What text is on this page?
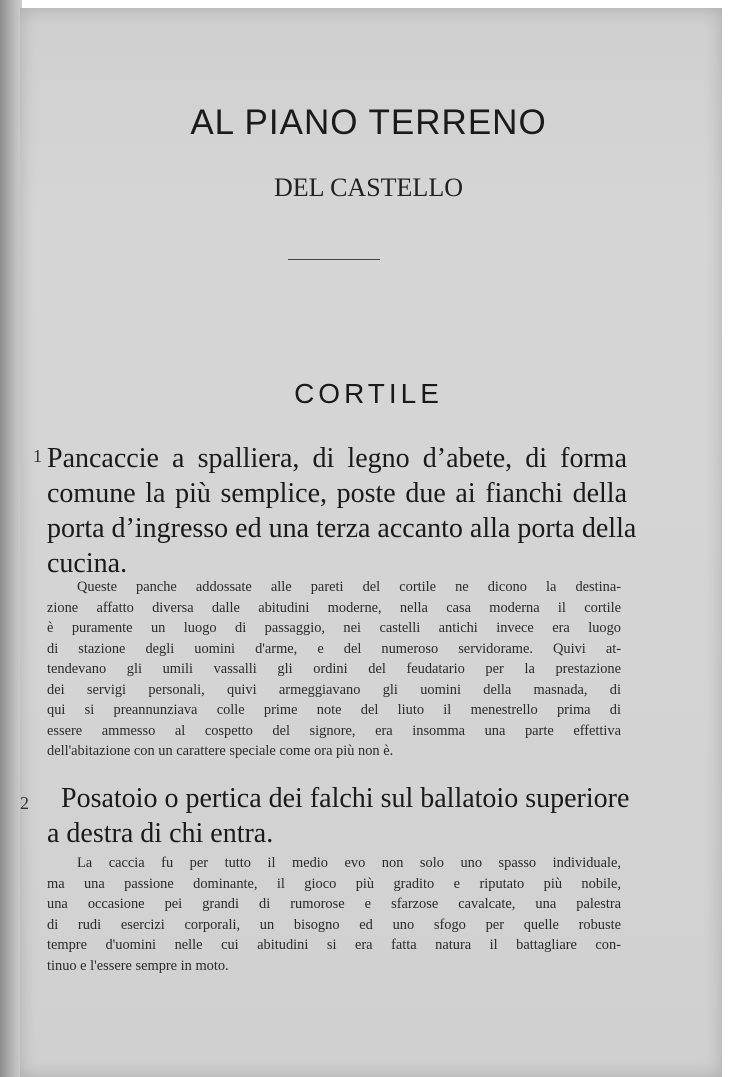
AL PIANO TERRENO
DEL CASTELLO
CORTILE
1 Pancaccie a spalliera, di legno d’abete, di forma
comune la più semplice, poste due ai fianchi della
porta d’ingresso ed una terza accanto alla porta della
cucina.
Queste panche addossate alle pareti del cortile ne dicono la destina-
zione affatto diversa dalle abitudini moderne, nella casa moderna il cortile
è puramente un luogo di passaggio, nei castelli antichi invece era luogo
di stazione degli uomini d'arme, e del numeroso servidorame. Quivi at-
tendevano gli umili vassalli gli ordini del feudatario per la prestazione
dei servigi personali, quivi armeggiavano gli uomini della masnada, di
qui si preannunziava colle prime note del liuto il menestrello prima di
essere ammesso al cospetto del signore, era insomma una parte effettiva
dell'abitazione con un carattere speciale come ora più non è.
2 Posatoio o pertica dei falchi sul ballatoio superiore
a destra di chi entra.
La caccia fu per tutto il medio evo non solo uno spasso individuale,
ma una passione dominante, il gioco più gradito e riputato più nobile,
una occasione pei grandi di rumorose e sfarzose cavalcate, una palestra
di rudi esercizi corporali, un bisogno ed uno sfogo per quelle robuste
tempre d'uomini nelle cui abitudini si era fatta natura il battagliare con-
tinuo e l'essere sempre in moto.
